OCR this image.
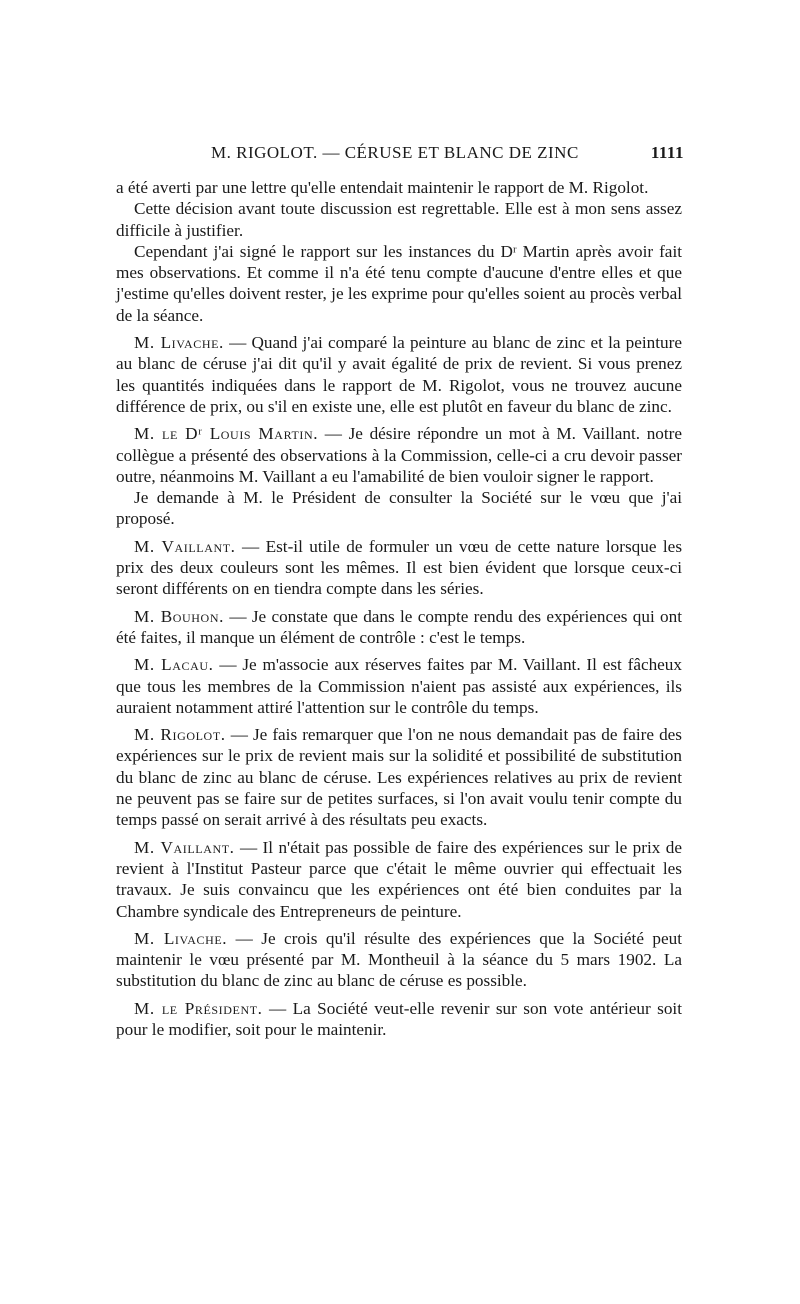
M. RIGOLOT. — CÉRUSE ET BLANC DE ZINC	1111

a été averti par une lettre qu'elle entendait maintenir le rapport de M. Rigolot.

Cette décision avant toute discussion est regrettable. Elle est à mon sens assez difficile à justifier.

Cependant j'ai signé le rapport sur les instances du Dʳ Martin après avoir fait mes observations. Et comme il n'a été tenu compte d'aucune d'entre elles et que j'estime qu'elles doivent rester, je les exprime pour qu'elles soient au procès verbal de la séance.

M. Livache. — Quand j'ai comparé la peinture au blanc de zinc et la peinture au blanc de céruse j'ai dit qu'il y avait égalité de prix de revient. Si vous prenez les quantités indiquées dans le rapport de M. Rigolot, vous ne trouvez aucune différence de prix, ou s'il en existe une, elle est plutôt en faveur du blanc de zinc.

M. le Dʳ Louis Martin. — Je désire répondre un mot à M. Vaillant. notre collègue a présenté des observations à la Commission, celle-ci a cru devoir passer outre, néanmoins M. Vaillant a eu l'amabilité de bien vouloir signer le rapport.

Je demande à M. le Président de consulter la Société sur le vœu que j'ai proposé.

M. Vaillant. — Est-il utile de formuler un vœu de cette nature lorsque les prix des deux couleurs sont les mêmes. Il est bien évident que lorsque ceux-ci seront différents on en tiendra compte dans les séries.

M. Bouhon. — Je constate que dans le compte rendu des expériences qui ont été faites, il manque un élément de contrôle : c'est le temps.

M. Lacau. — Je m'associe aux réserves faites par M. Vaillant. Il est fâcheux que tous les membres de la Commission n'aient pas assisté aux expériences, ils auraient notamment attiré l'attention sur le contrôle du temps.

M. Rigolot. — Je fais remarquer que l'on ne nous demandait pas de faire des expériences sur le prix de revient mais sur la solidité et possibilité de substitution du blanc de zinc au blanc de céruse. Les expériences relatives au prix de revient ne peuvent pas se faire sur de petites surfaces, si l'on avait voulu tenir compte du temps passé on serait arrivé à des résultats peu exacts.

M. Vaillant. — Il n'était pas possible de faire des expériences sur le prix de revient à l'Institut Pasteur parce que c'était le même ouvrier qui effectuait les travaux. Je suis convaincu que les expériences ont été bien conduites par la Chambre syndicale des Entrepreneurs de peinture.

M. Livache. — Je crois qu'il résulte des expériences que la Société peut maintenir le vœu présenté par M. Montheuil à la séance du 5 mars 1902. La substitution du blanc de zinc au blanc de céruse es possible.

M. le Président. — La Société veut-elle revenir sur son vote antérieur soit pour le modifier, soit pour le maintenir.
